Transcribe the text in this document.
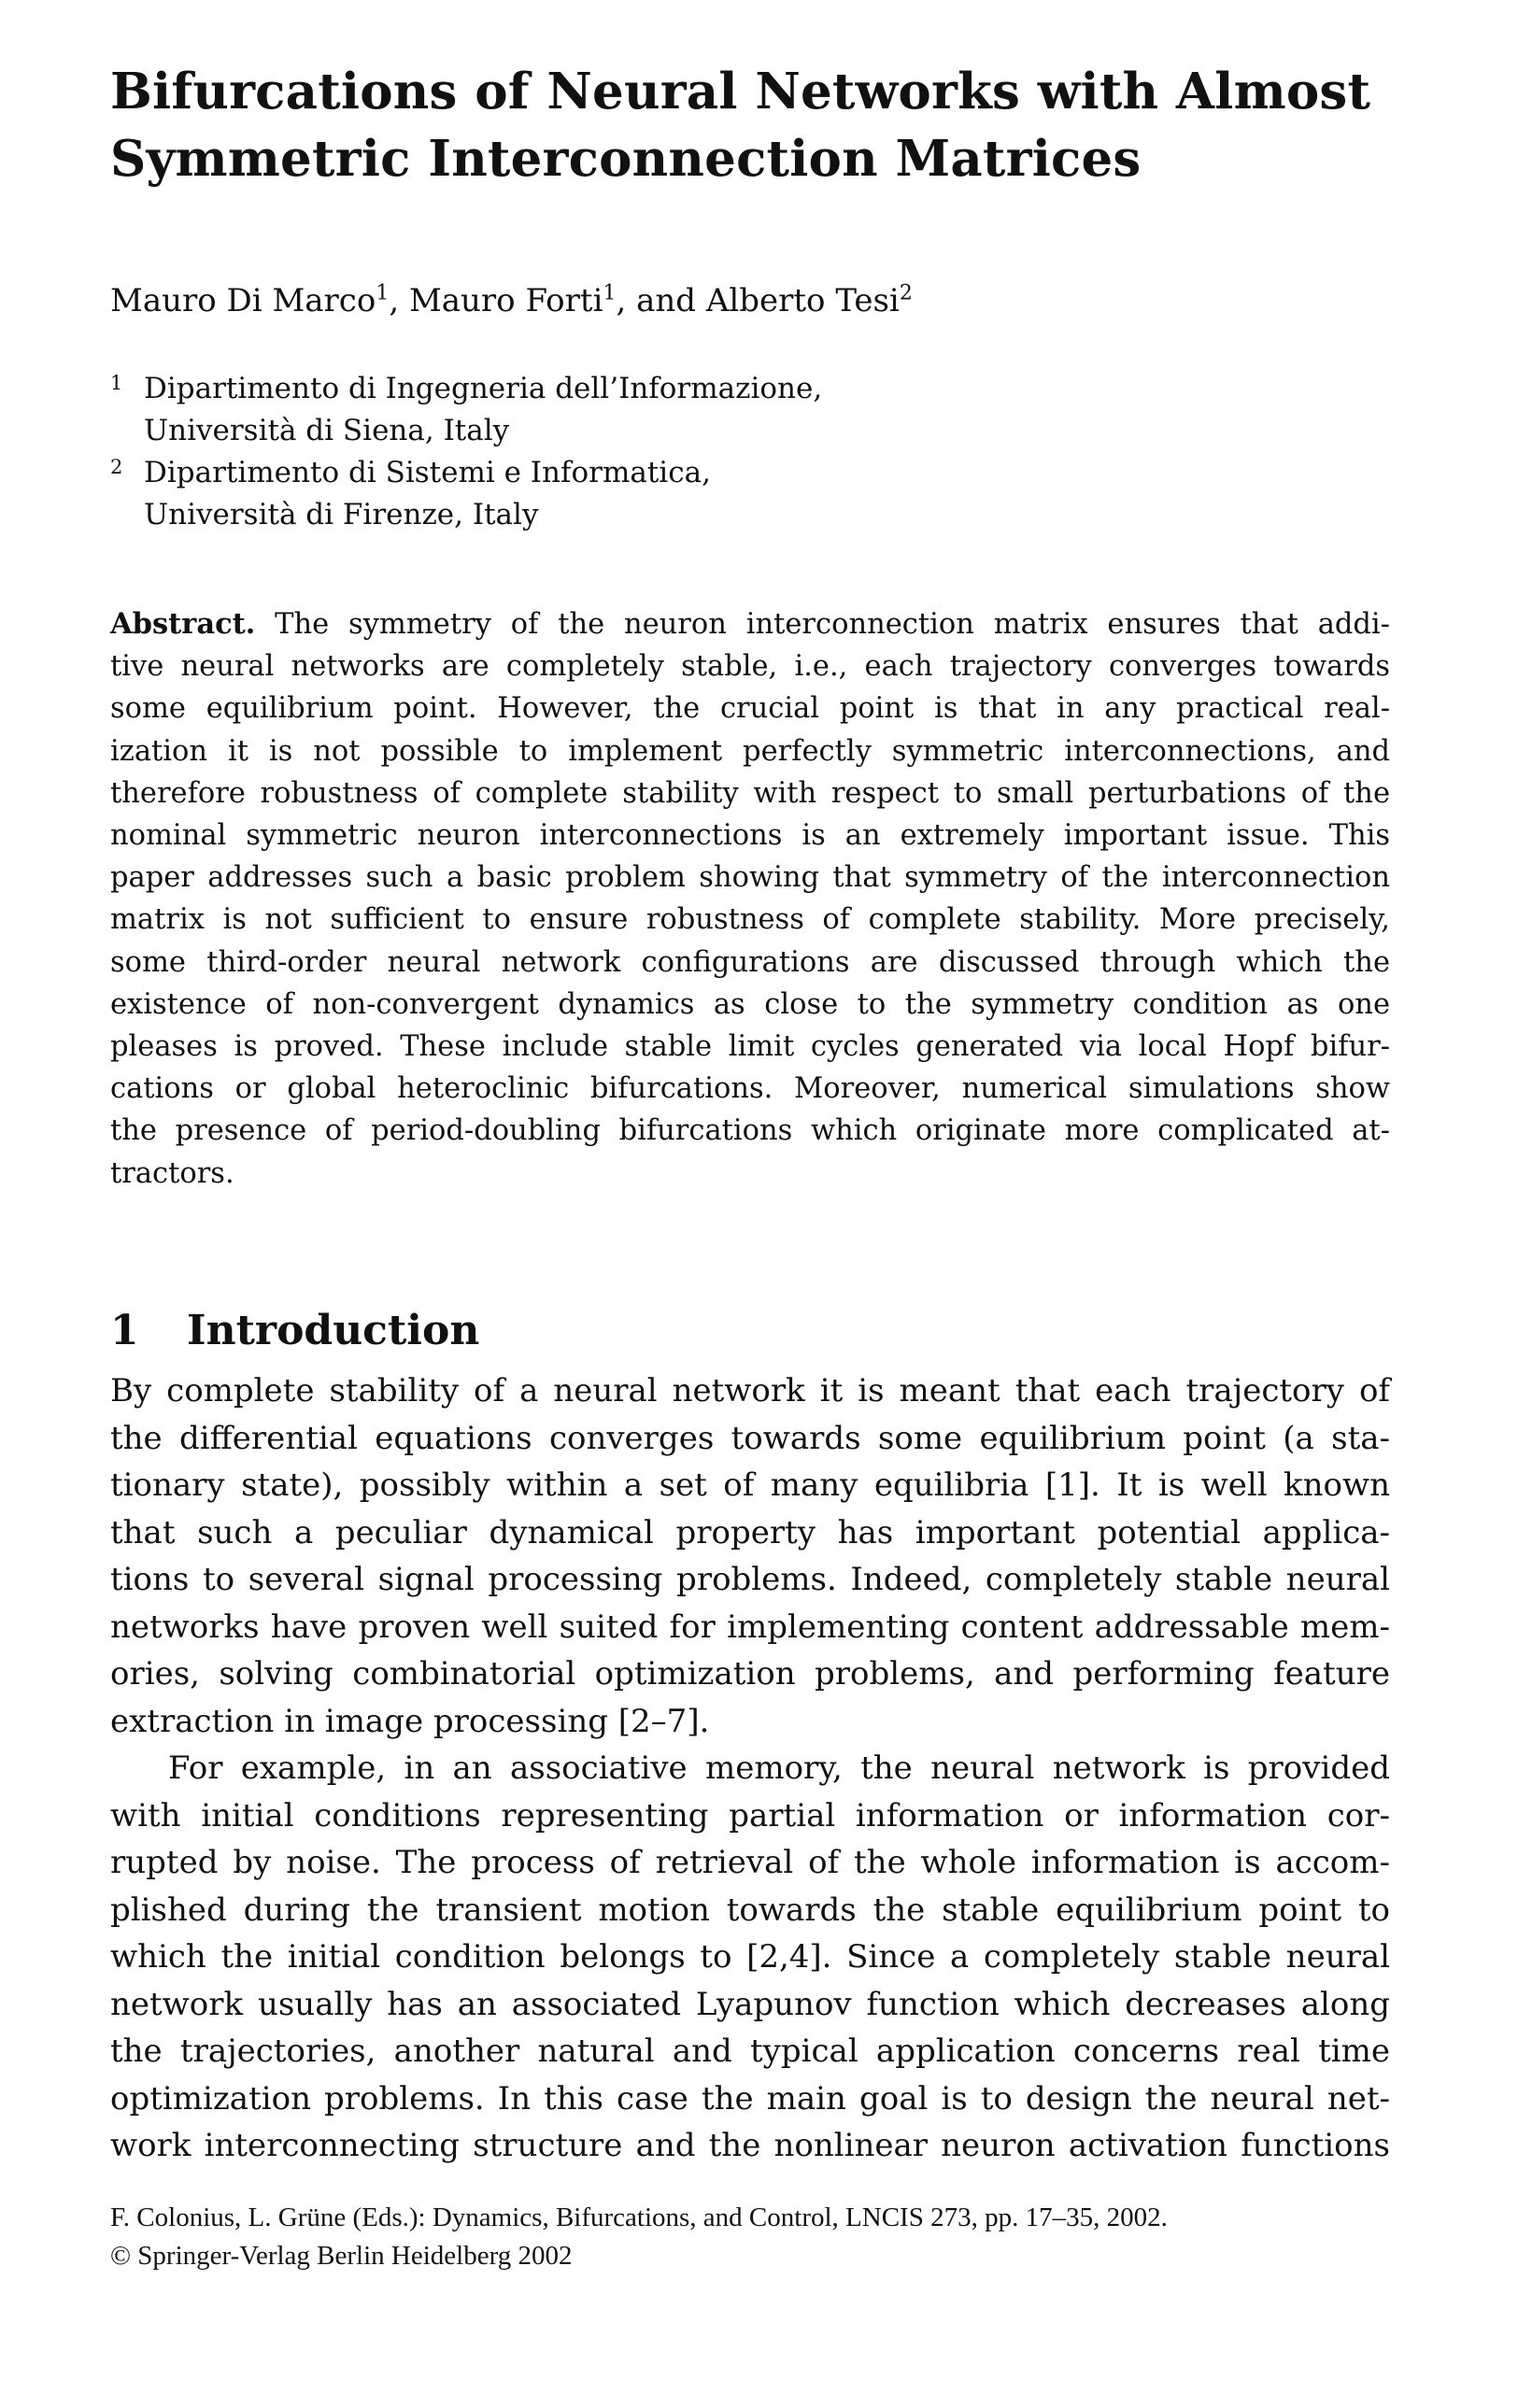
Bifurcations of Neural Networks with Almost
Symmetric Interconnection Matrices
Mauro Di Marco$^1$, Mauro Forti$^1$, and Alberto Tesi$^2$
1 Dipartimento di Ingegneria dell’Informazione,
Università di Siena, Italy
2 Dipartimento di Sistemi e Informatica,
Università di Firenze, Italy
Abstract. The symmetry of the neuron interconnection matrix ensures that addi-
tive neural networks are completely stable, i.e., each trajectory converges towards
some equilibrium point. However, the crucial point is that in any practical real-
ization it is not possible to implement perfectly symmetric interconnections, and
therefore robustness of complete stability with respect to small perturbations of the
nominal symmetric neuron interconnections is an extremely important issue. This
paper addresses such a basic problem showing that symmetry of the interconnection
matrix is not sufficient to ensure robustness of complete stability. More precisely,
some third-order neural network configurations are discussed through which the
existence of non-convergent dynamics as close to the symmetry condition as one
pleases is proved. These include stable limit cycles generated via local Hopf bifur-
cations or global heteroclinic bifurcations. Moreover, numerical simulations show
the presence of period-doubling bifurcations which originate more complicated at-
tractors.
1 Introduction
By complete stability of a neural network it is meant that each trajectory of
the differential equations converges towards some equilibrium point (a sta-
tionary state), possibly within a set of many equilibria [1]. It is well known
that such a peculiar dynamical property has important potential applica-
tions to several signal processing problems. Indeed, completely stable neural
networks have proven well suited for implementing content addressable mem-
ories, solving combinatorial optimization problems, and performing feature
extraction in image processing [2–7].
For example, in an associative memory, the neural network is provided
with initial conditions representing partial information or information cor-
rupted by noise. The process of retrieval of the whole information is accom-
plished during the transient motion towards the stable equilibrium point to
which the initial condition belongs to [2,4]. Since a completely stable neural
network usually has an associated Lyapunov function which decreases along
the trajectories, another natural and typical application concerns real time
optimization problems. In this case the main goal is to design the neural net-
work interconnecting structure and the nonlinear neuron activation functions
F. Colonius, L. Grüne (Eds.): Dynamics, Bifurcations, and Control, LNCIS 273, pp. 17–35, 2002.
© Springer-Verlag Berlin Heidelberg 2002
